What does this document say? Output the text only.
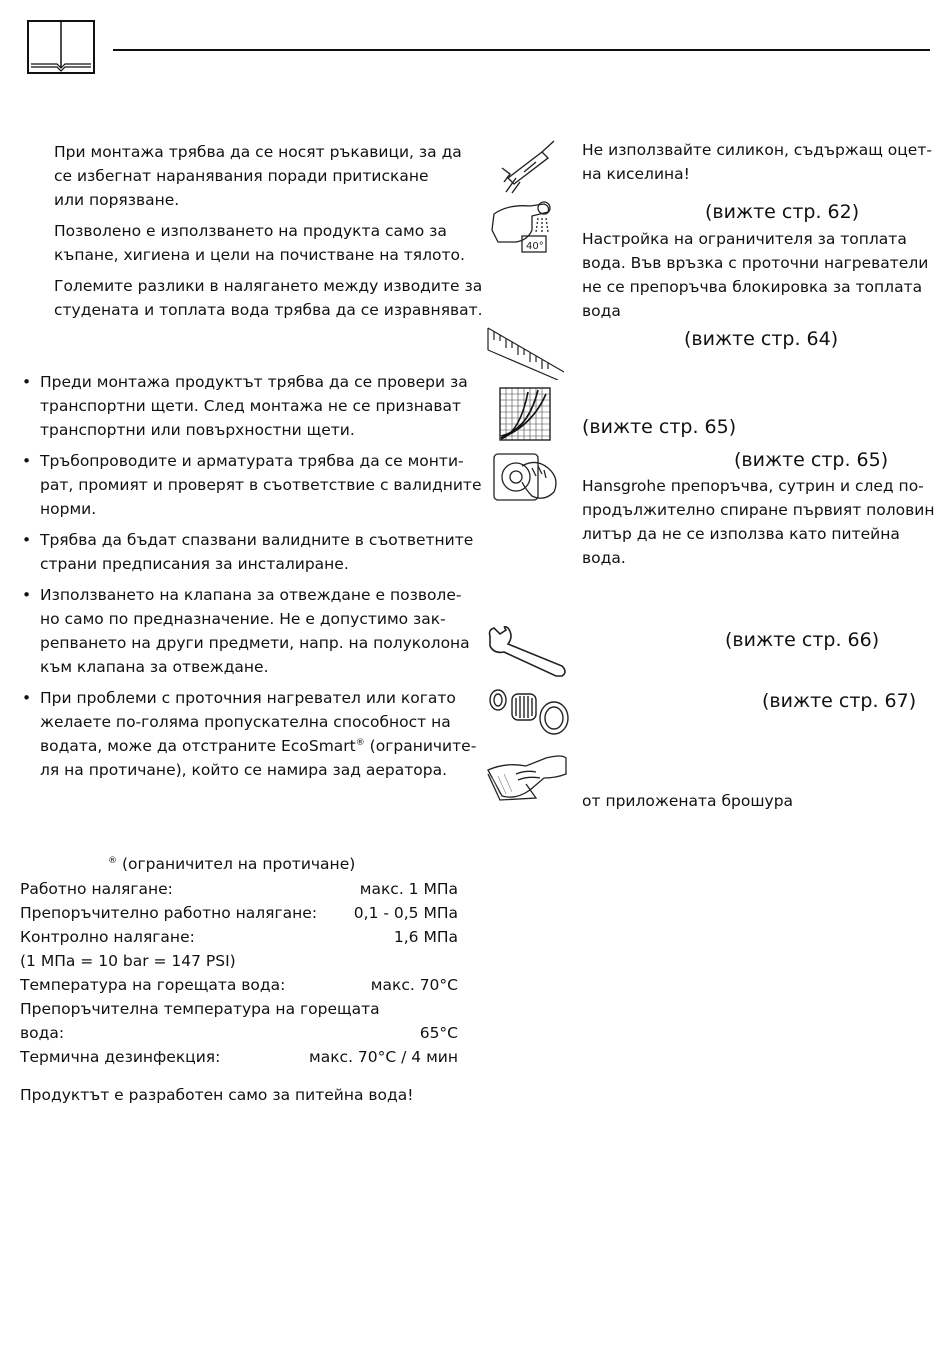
При монтажа трябва да се носят ръкавици, за да
се избегнат наранявания поради притискане
или порязване.
Позволено е използването на продукта само за
къпане, хигиена и цели на почистване на тялото.
Големите разлики в налягането между изводите за
студената и топлата вода трябва да се изравняват.
• Преди монтажа продуктът трябва да се провери за
транспортни щети. След монтажа не се признават
транспортни или повърхностни щети.
• Тръбопроводите и арматурата трябва да се монти-
рат, промият и проверят в съответствие с валидните
норми.
• Трябва да бъдат спазвани валидните в съответните
страни предписания за инсталиране.
• Използването на клапана за отвеждане е позволе-
но само по предназначение. Не е допустимо зак-
репването на други предмети, напр. на полуколона
към клапана за отвеждане.
• При проблеми с проточния нагревател или когато
желаете по-голяма пропускателна способност на
водата, може да отстраните EcoSmart® (ограничите-
ля на протичане), който се намира зад аератора.
® (ограничител на протичане)
Работно налягане:	макс. 1 MПa
Препоръчително работно налягане: 0,1 - 0,5 MПa
Контролно налягане:	1,6 MПa
(1 MПa = 10 bar = 147 PSI)
Температура на горещата вода:	макс. 70°C
Препоръчителна температура на горещата
вода:	65°C
Термична дезинфекция:	макс. 70°C / 4 мин
Продуктът е разработен само за питейна вода!
40°
Не използвайте силикон, съдържащ оцет-
на киселина!
(вижте стр. 62)
Настройка на ограничителя за топлата
вода. Във връзка с проточни нагреватели
не се препоръчва блокировка за топлата
вода
(вижте стр. 64)
(вижте стр. 65)
(вижте стр. 65)
Hansgrohe препоръчва, сутрин и след по-
продължително спиране първият половин
литър да не се използва като питейна
вода.
(вижте стр. 66)
(вижте стр. 67)
от приложената брошура
